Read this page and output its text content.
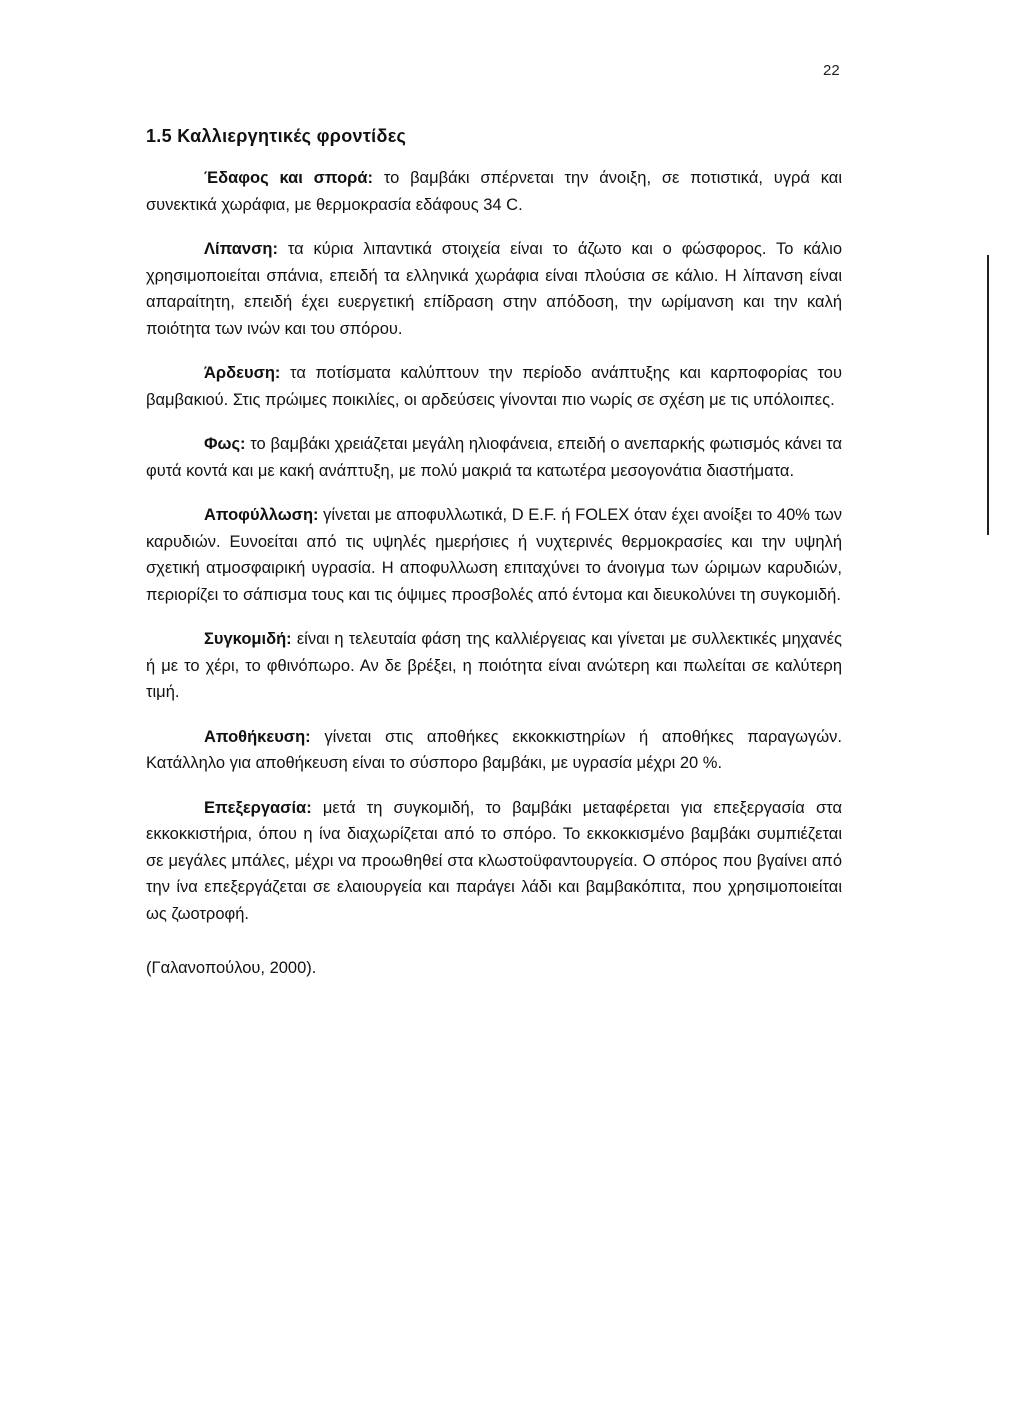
22
1.5 Καλλιεργητικές φροντίδες

Έδαφος και σπορά: το βαμβάκι σπέρνεται την άνοιξη, σε ποτιστικά, υγρά και συνεκτικά χωράφια, με θερμοκρασία εδάφους 34 C.

Λίπανση: τα κύρια λιπαντικά στοιχεία είναι το άζωτο και ο φώσφορος. Το κάλιο χρησιμοποιείται σπάνια, επειδή τα ελληνικά χωράφια είναι πλούσια σε κάλιο. Η λίπανση είναι απαραίτητη, επειδή έχει ευεργετική επίδραση στην απόδοση, την ωρίμανση και την καλή ποιότητα των ινών και του σπόρου.

Άρδευση: τα ποτίσματα καλύπτουν την περίοδο ανάπτυξης και καρποφορίας του βαμβακιού. Στις πρώιμες ποικιλίες, οι αρδεύσεις γίνονται πιο νωρίς σε σχέση με τις υπόλοιπες.

Φως: το βαμβάκι χρειάζεται μεγάλη ηλιοφάνεια, επειδή ο ανεπαρκής φωτισμός κάνει τα φυτά κοντά και με κακή ανάπτυξη, με πολύ μακριά τα κατωτέρα μεσογονάτια διαστήματα.

Αποφύλλωση: γίνεται με αποφυλλωτικά, D E.F. ή FOLEX όταν έχει ανοίξει το 40% των καρυδιών. Ευνοείται από τις υψηλές ημερήσιες ή νυχτερινές θερμοκρασίες και την υψηλή σχετική ατμοσφαιρική υγρασία. Η αποφυλλωση επιταχύνει το άνοιγμα των ώριμων καρυδιών, περιορίζει το σάπισμα τους και τις όψιμες προσβολές από έντομα και διευκολύνει τη συγκομιδή.

Συγκομιδή: είναι η τελευταία φάση της καλλιέργειας και γίνεται με συλλεκτικές μηχανές ή με το χέρι, το φθινόπωρο. Αν δε βρέξει, η ποιότητα είναι ανώτερη και πωλείται σε καλύτερη τιμή.

Αποθήκευση: γίνεται στις αποθήκες εκκοκκιστηρίων ή αποθήκες παραγωγών. Κατάλληλο για αποθήκευση είναι το σύσπορο βαμβάκι, με υγρασία μέχρι 20 %.

Επεξεργασία: μετά τη συγκομιδή, το βαμβάκι μεταφέρεται για επεξεργασία στα εκκοκκιστήρια, όπου η ίνα διαχωρίζεται από το σπόρο. Το εκκοκκισμένο βαμβάκι συμπιέζεται σε μεγάλες μπάλες, μέχρι να προωθηθεί στα κλωστοϋφαντουργεία. Ο σπόρος που βγαίνει από την ίνα επεξεργάζεται σε ελαιουργεία και παράγει λάδι και βαμβακόπιτα, που χρησιμοποιείται ως ζωοτροφή.

(Γαλανοπούλου, 2000).
